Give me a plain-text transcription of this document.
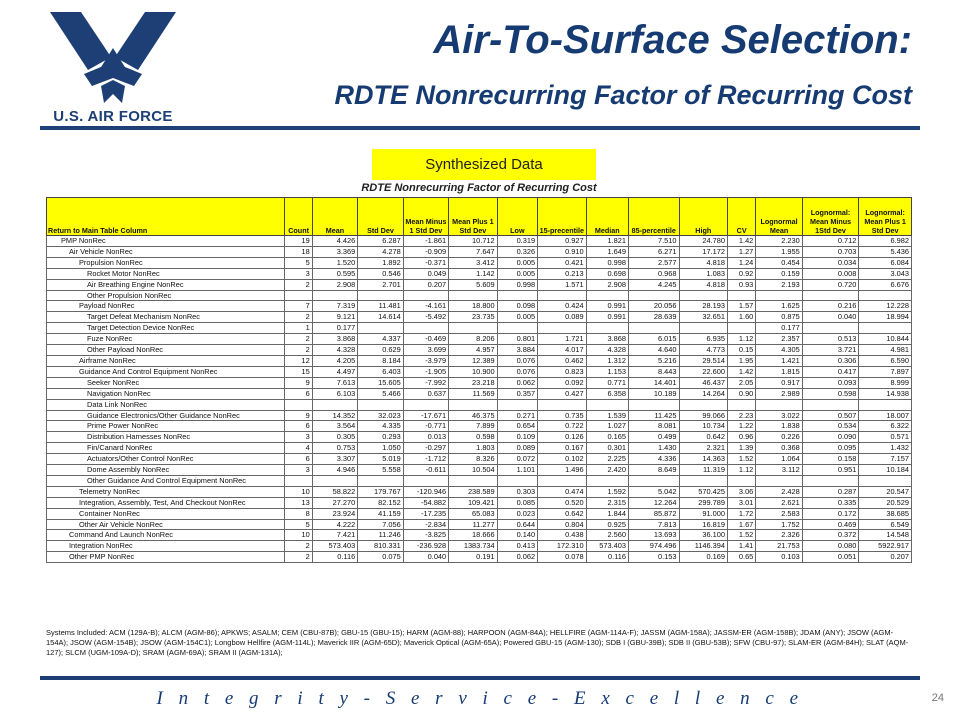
U.S. AIR FORCE
Air-To-Surface Selection:
RDTE Nonrecurring Factor of Recurring Cost
Synthesized Data
RDTE Nonrecurring Factor of Recurring Cost
Return to Main Table Column	Count	Mean	Std Dev	Mean Minus 1 Std Dev	Mean Plus 1 Std Dev	Low	15-precentile	Median	85-percentile	High	CV	Lognormal Mean	Lognormal: Mean Minus 1Std Dev	Lognormal: Mean Plus 1 Std Dev
PMP NonRec	19	4.426	6.287	-1.861	10.712	0.319	0.927	1.821	7.510	24.780	1.42	2.230	0.712	6.982
Air Vehicle NonRec	18	3.369	4.278	-0.909	7.647	0.326	0.910	1.649	6.271	17.172	1.27	1.955	0.703	5.436
Propulsion NonRec	5	1.520	1.892	-0.371	3.412	0.005	0.421	0.998	2.577	4.818	1.24	0.454	0.034	6.084
Rocket Motor NonRec	3	0.595	0.546	0.049	1.142	0.005	0.213	0.698	0.968	1.083	0.92	0.159	0.008	3.043
Air Breathing Engine NonRec	2	2.908	2.701	0.207	5.609	0.998	1.571	2.908	4.245	4.818	0.93	2.193	0.720	6.676
Other Propulsion NonRec														
Payload NonRec	7	7.319	11.481	-4.161	18.800	0.098	0.424	0.991	20.056	28.193	1.57	1.625	0.216	12.228
Target Defeat Mechanism NonRec	2	9.121	14.614	-5.492	23.735	0.005	0.089	0.991	28.639	32.651	1.60	0.875	0.040	18.994
Target Detection Device NonRec	1	0.177										0.177		
Fuze NonRec	2	3.868	4.337	-0.469	8.206	0.801	1.721	3.868	6.015	6.935	1.12	2.357	0.513	10.844
Other Payload NonRec	2	4.328	0.629	3.699	4.957	3.884	4.017	4.328	4.640	4.773	0.15	4.305	3.721	4.981
Airframe NonRec	12	4.205	8.184	-3.979	12.389	0.076	0.462	1.312	5.216	29.514	1.95	1.421	0.306	6.590
Guidance And Control Equipment NonRec	15	4.497	6.403	-1.905	10.900	0.076	0.823	1.153	8.443	22.600	1.42	1.815	0.417	7.897
Seeker NonRec	9	7.613	15.605	-7.992	23.218	0.062	0.092	0.771	14.401	46.437	2.05	0.917	0.093	8.999
Navigation NonRec	6	6.103	5.466	0.637	11.569	0.357	0.427	6.358	10.189	14.264	0.90	2.989	0.598	14.938
Data Link NonRec														
Guidance Electronics/Other Guidance NonRec	9	14.352	32.023	-17.671	46.375	0.271	0.735	1.539	11.425	99.066	2.23	3.022	0.507	18.007
Prime Power NonRec	6	3.564	4.335	-0.771	7.899	0.654	0.722	1.027	8.081	10.734	1.22	1.838	0.534	6.322
Distribution Harnesses NonRec	3	0.305	0.293	0.013	0.598	0.109	0.126	0.165	0.499	0.642	0.96	0.226	0.090	0.571
Fin/Canard NonRec	4	0.753	1.050	-0.297	1.803	0.089	0.167	0.301	1.430	2.321	1.39	0.368	0.095	1.432
Actuators/Other Control NonRec	6	3.307	5.019	-1.712	8.326	0.072	0.102	2.225	4.336	14.363	1.52	1.064	0.158	7.157
Dome Assembly NonRec	3	4.946	5.558	-0.611	10.504	1.101	1.496	2.420	8.649	11.319	1.12	3.112	0.951	10.184
Other Guidance And Control Equipment NonRec														
Telemetry NonRec	10	58.822	179.767	-120.946	238.589	0.303	0.474	1.592	5.042	570.425	3.06	2.428	0.287	20.547
Integration, Assembly, Test, And Checkout NonRec	13	27.270	82.152	-54.882	109.421	0.085	0.520	2.315	12.264	299.789	3.01	2.621	0.335	20.529
Container NonRec	8	23.924	41.159	-17.235	65.083	0.023	0.642	1.844	85.872	91.000	1.72	2.583	0.172	38.685
Other Air Vehicle NonRec	5	4.222	7.056	-2.834	11.277	0.644	0.804	0.925	7.813	16.819	1.67	1.752	0.469	6.549
Command And Launch NonRec	10	7.421	11.246	-3.825	18.666	0.140	0.438	2.560	13.693	36.100	1.52	2.326	0.372	14.548
Integration NonRec	2	573.403	810.331	-236.928	1383.734	0.413	172.310	573.403	974.496	1146.394	1.41	21.753	0.080	5922.917
Other PMP NonRec	2	0.116	0.075	0.040	0.191	0.062	0.078	0.116	0.153	0.169	0.65	0.103	0.051	0.207
Systems Included: ACM (129A-B); ALCM (AGM-86); APKWS; ASALM; CEM (CBU-87B); GBU-15 (GBU-15); HARM (AGM-88); HARPOON (AGM-84A); HELLFIRE (AGM-114A-F); JASSM (AGM-158A); JASSM-ER (AGM-158B); JDAM (ANY); JSOW (AGM-154A); JSOW (AGM-154B); JSOW (AGM-154C1); Longbow Hellfire (AGM-114L); Maverick IIR (AGM-65D); Maverick Optical (AGM-65A); Powered GBU-15 (AGM-130); SDB I (GBU-39B); SDB II (GBU-53B); SFW (CBU-97); SLAM-ER (AGM-84H); SLAT (AQM-127); SLCM (UGM-109A-D); SRAM (AGM-69A); SRAM II (AGM-131A);
I n t e g r i t y - S e r v i c e - E x c e l l e n c e	24
